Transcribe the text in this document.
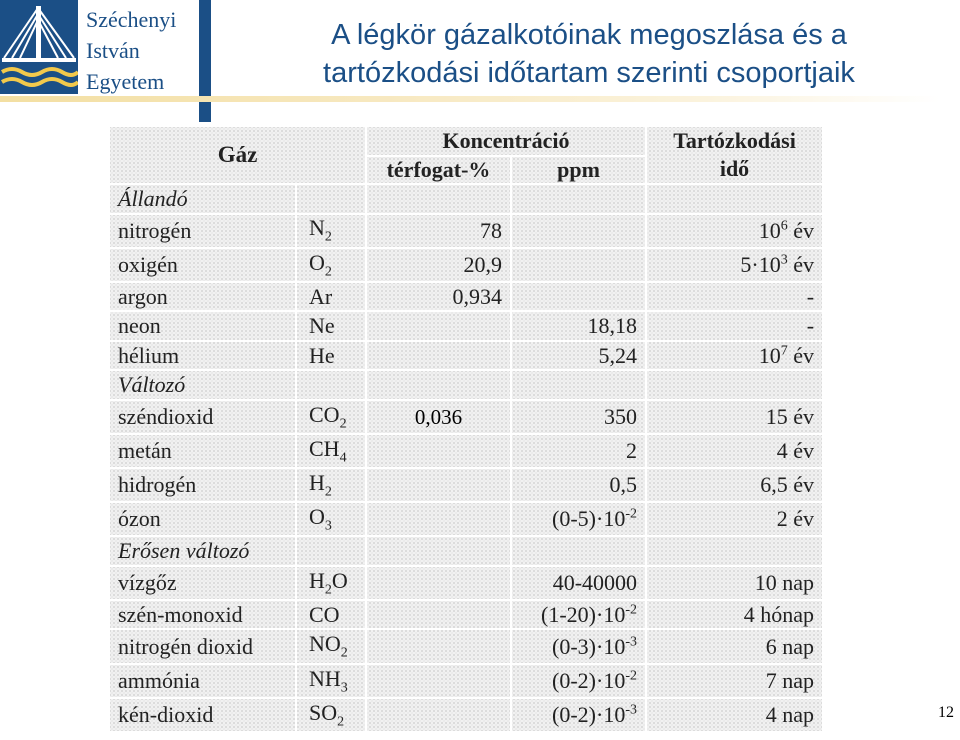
Széchenyi
István
Egyetem
A légkör gázalkotóinak megoszlása és a
tartózkodási időtartam szerinti csoportjaik
Gáz		Koncentráció		Tartózkodási
idő

		térfogat-%	ppm	
Állandó				
nitrogén	$N_2$	78		$10^6$ év
oxigén	$O_2$	20,9		$5\cdot 10^3$ év
argon	Ar	0,934		-
neon	Ne		18,18	-
hélium	He		5,24	$10^7$ év
Változó				
széndioxid	$CO_2$	0,036	350	15 év
metán	$CH_4$		2	4 év
hidrogén	$H_2$		0,5	6,5 év
ózon	$O_3$		$(0-5)\cdot 10^{-2}$	2 év
Erősen változó				
vízgőz	$H_2O$		40-40000	10 nap
szén-monoxid	CO		$(1-20)\cdot 10^{-2}$	4 hónap
nitrogén dioxid	$NO_2$		$(0-3)\cdot 10^{-3}$	6 nap
ammónia	$NH_3$		$(0-2)\cdot 10^{-2}$	7 nap
kén-dioxid	$SO_2$		$(0-2)\cdot 10^{-3}$	4 nap	12
